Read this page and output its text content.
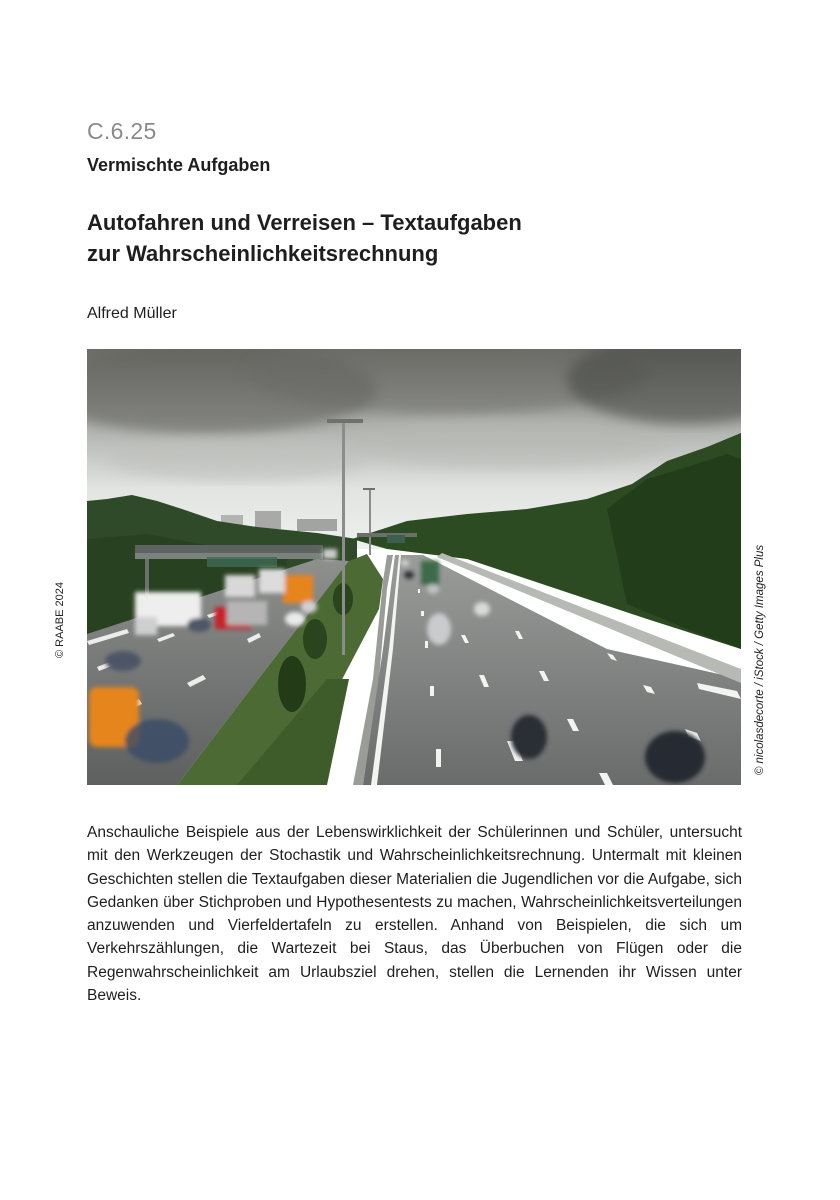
C.6.25
Vermischte Aufgaben
Autofahren und Verreisen – Textaufgaben
zur Wahrscheinlichkeitsrechnung
Alfred Müller
© RAABE 2024	© nicolasdecorte / iStock / Getty Images Plus

Anschauliche Beispiele aus der Lebenswirklichkeit der Schülerinnen und Schüler, untersucht mit den Werkzeugen der Stochastik und Wahrscheinlichkeitsrechnung. Untermalt mit kleinen Geschichten stellen die Textaufgaben dieser Materialien die Jugendlichen vor die Aufgabe, sich Gedanken über Stichproben und Hypothesentests zu machen, Wahrscheinlichkeitsverteilungen anzuwenden und Vierfeldertafeln zu erstellen. Anhand von Beispielen, die sich um Verkehrszählungen, die Wartezeit bei Staus, das Überbuchen von Flügen oder die Regenwahrscheinlichkeit am Urlaubsziel drehen, stellen die Lernenden ihr Wissen unter Beweis.
